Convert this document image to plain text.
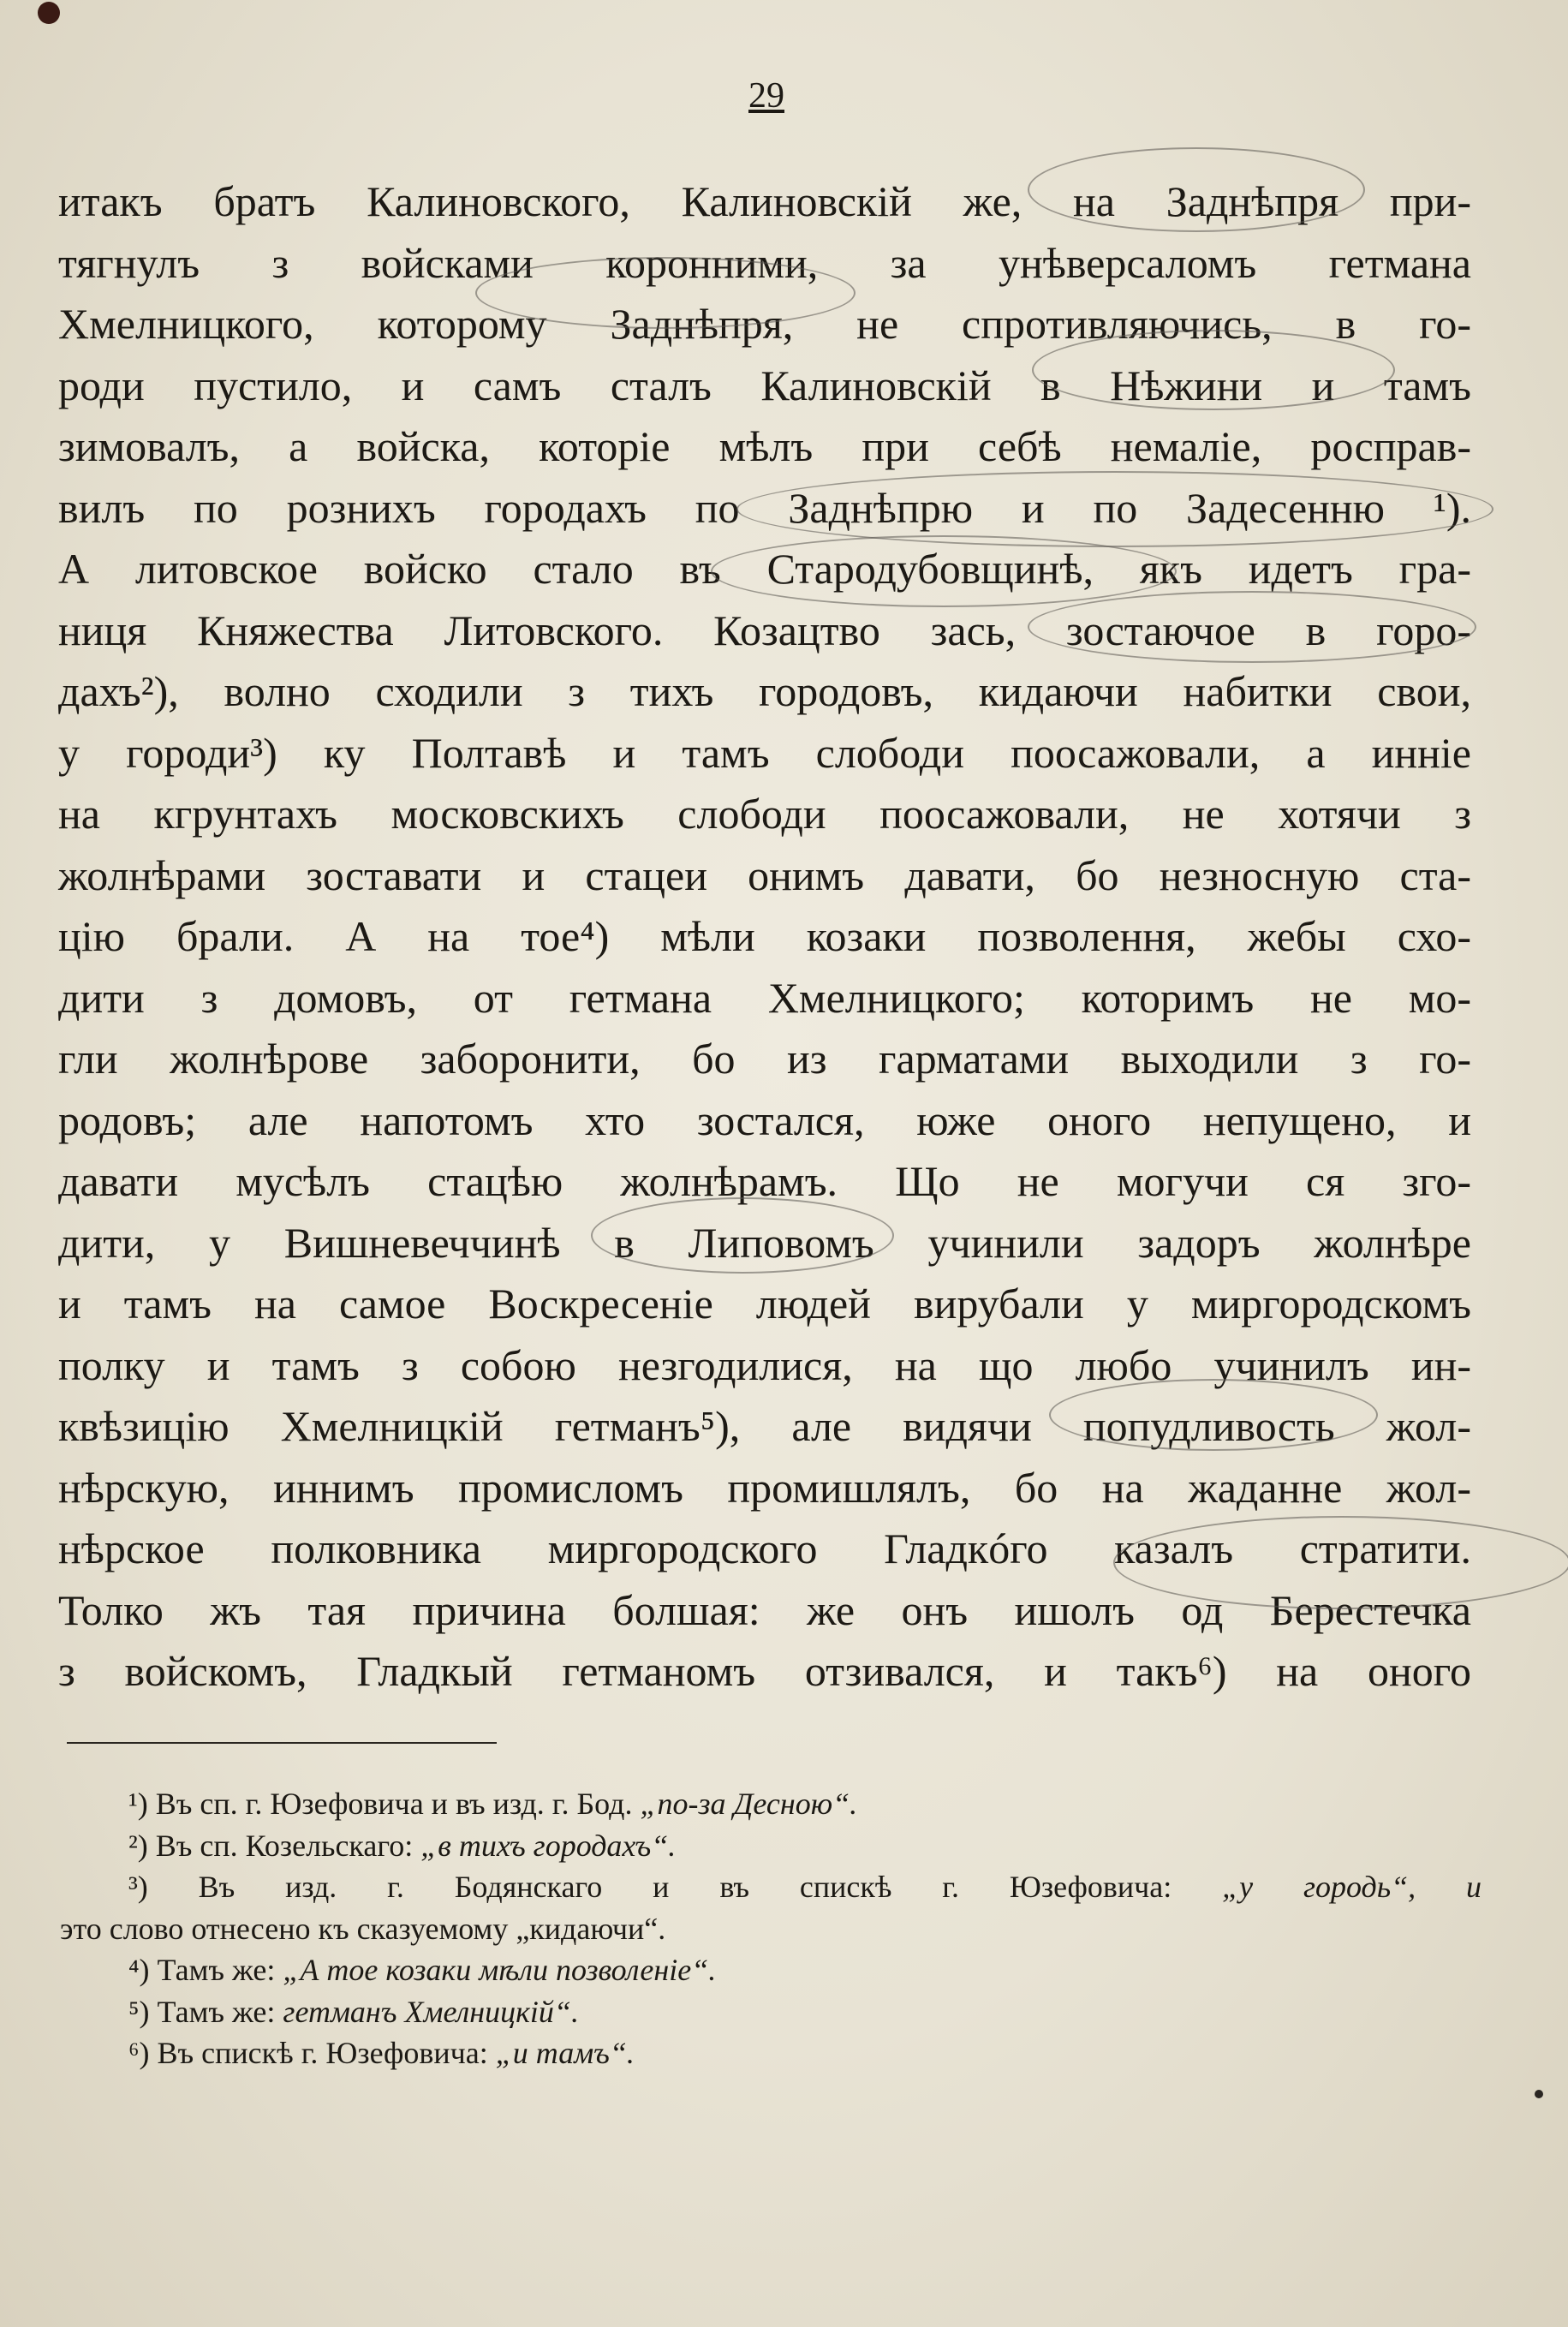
29
итакъ братъ Калиновского, Калиновскій же, на Заднѣпря при-
тягнулъ з войсками коронними, за унѣверсаломъ гетмана
Хмелницкого, которому Заднѣпря, не спротивляючись, в го-
роди пустило, и самъ сталъ Калиновскій в Нѣжини и тамъ
зимовалъ, а войска, которіе мѣлъ при себѣ немаліе, росправ-
вилъ по розниxъ городахъ по Заднѣпрю и по Задесенню ¹).
А литовское войско стало въ Стародубовщинѣ, якъ идетъ гра-
ниця Княжества Литовского. Козацтво зась, зостаючое в горо-
дахъ²), волно сходили з тихъ городовъ, кидаючи набитки свои,
у городи³) ку Полтавѣ и тамъ слободи поосажовали, а инніе
на кгрунтахъ московскихъ слободи поосажовали, не хотячи з
жолнѣрами зоставати и стацеи онимъ давати, бо незносную ста-
цію брали. А на тое⁴) мѣли козаки позволення, жебы схо-
дити з домовъ, от гетмана Хмелницкого; которимъ не мо-
гли жолнѣрове заборонити, бо из гарматами выходили з го-
родовъ; але напотомъ хто зостался, юже оного непущено, и
давати мусѣлъ стацѣю жолнѣрамъ. Що не могучи ся зго-
дити, у Вишневеччинѣ в Липовомъ учинили задоръ жолнѣре
и тамъ на самое Воскресеніе людей вирубали у миргородскомъ
полку и тамъ з собою незгодилися, на що любо учинилъ ин-
квѣзицію Хмелницкій гетманъ⁵), але видячи попудливость жол-
нѣрскую, иннимъ промисломъ промишлялъ, бо на жаданне жол-
нѣрское полковника миргородского Гладкóго казалъ стратити.
Толко жъ тая причина болшая: же онъ ишолъ од Берестечка
з войскомъ, Гладкый гетманомъ отзивался, и такъ⁶) на оного
¹) Въ сп. г. Юзефовича и въ изд. г. Бод. „по-за Десною“.
²) Въ сп. Козельскаго: „в тихъ городахъ“.
³) Въ изд. г. Бодянскаго и въ спискѣ г. Юзефовича: „у городь“, и
это слово отнесено къ сказуемому „кидаючи“.
⁴) Тамъ же: „А тое козаки мѣли позволеніе“.
⁵) Тамъ же: гетманъ Хмелницкій“.
⁶) Въ спискѣ г. Юзефовича: „и тамъ“.
